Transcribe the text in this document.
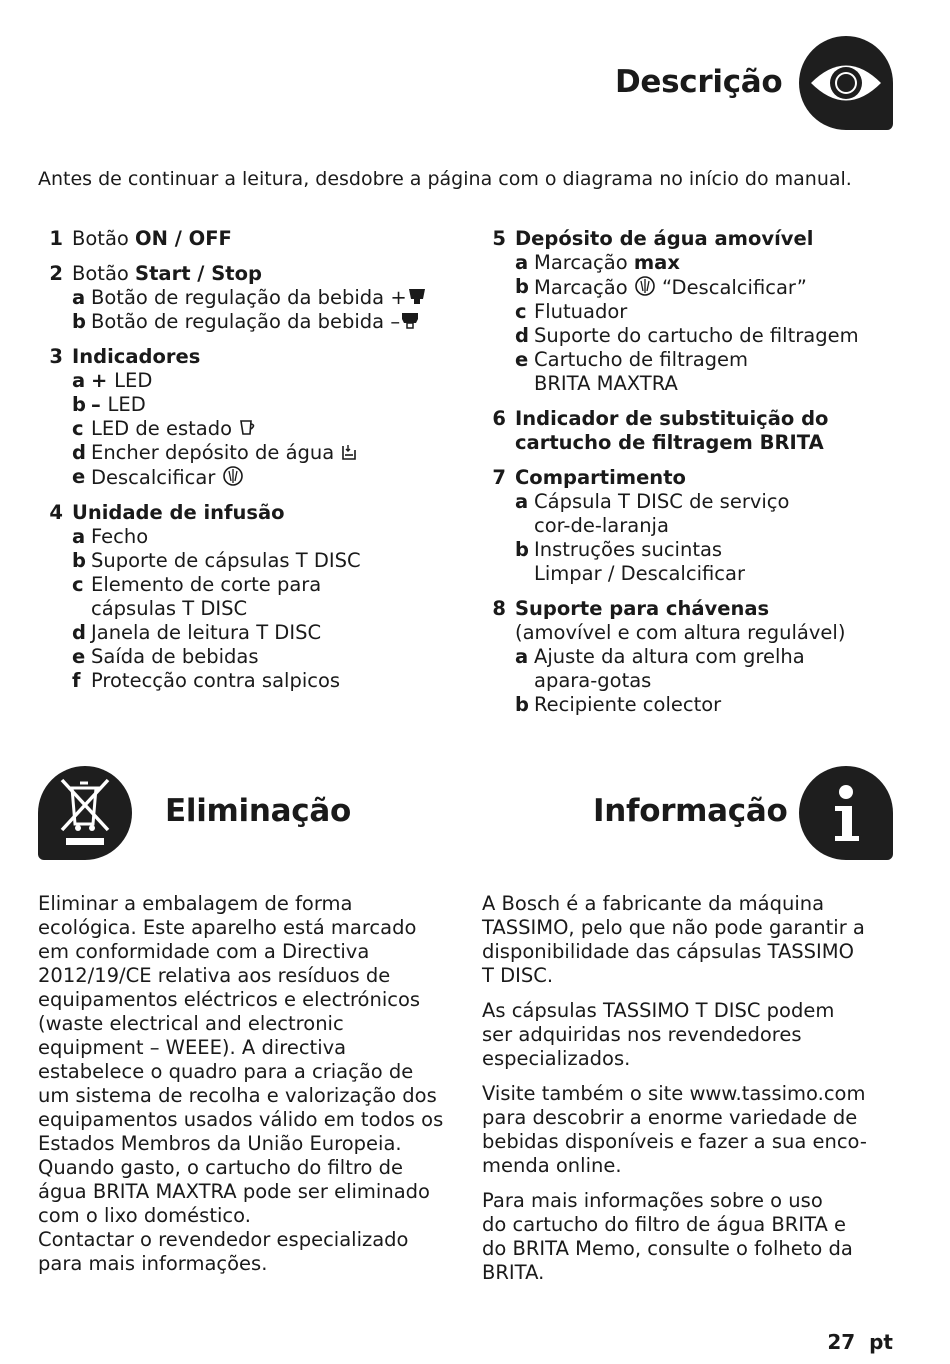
Descrição
Antes de continuar a leitura, desdobre a página com o diagrama no início do manual.
1 Botão ON / OFF
2 Botão Start / Stop
a Botão de regulação da bebida +
b Botão de regulação da bebida –
3 Indicadores
a + LED
b – LED
c LED de estado
d Encher depósito de água
e Descalcificar
4 Unidade de infusão
a Fecho
b Suporte de cápsulas T DISC
c Elemento de corte para
cápsulas T DISC
d Janela de leitura T DISC
e Saída de bebidas
f Protecção contra salpicos
5 Depósito de água amovível
a Marcação max
b Marcação “Descalcificar”
c Flutuador
d Suporte do cartucho de filtragem
e Cartucho de filtragem
BRITA MAXTRA
6 Indicador de substituição do
cartucho de filtragem BRITA
7 Compartimento
a Cápsula T DISC de serviço
cor-de-laranja
b Instruções sucintas
Limpar / Descalcificar
8 Suporte para chávenas
(amovível e com altura regulável)
a Ajuste da altura com grelha
apara-gotas
b Recipiente colector
Eliminação
Eliminar a embalagem de forma
ecológica. Este aparelho está marcado
em conformidade com a Directiva
2012/19/CE relativa aos resíduos de
equipamentos eléctricos e electrónicos
(waste electrical and electronic
equipment – WEEE). A directiva
estabelece o quadro para a criação de
um sistema de recolha e valorização dos
equipamentos usados válido em todos os
Estados Membros da União Europeia.
Quando gasto, o cartucho do filtro de
água BRITA MAXTRA pode ser eliminado
com o lixo doméstico.
Contactar o revendedor especializado
para mais informações.
Informação

A Bosch é a fabricante da máquina
TASSIMO, pelo que não pode garantir a
disponibilidade das cápsulas TASSIMO
T DISC.

As cápsulas TASSIMO T DISC podem
ser adquiridas nos revendedores
especializados.

Visite também o site www.tassimo.com
para descobrir a enorme variedade de
bebidas disponíveis e fazer a sua enco-
menda online.

Para mais informações sobre o uso
do cartucho do filtro de água BRITA e
do BRITA Memo, consulte o folheto da
BRITA.

27 pt
